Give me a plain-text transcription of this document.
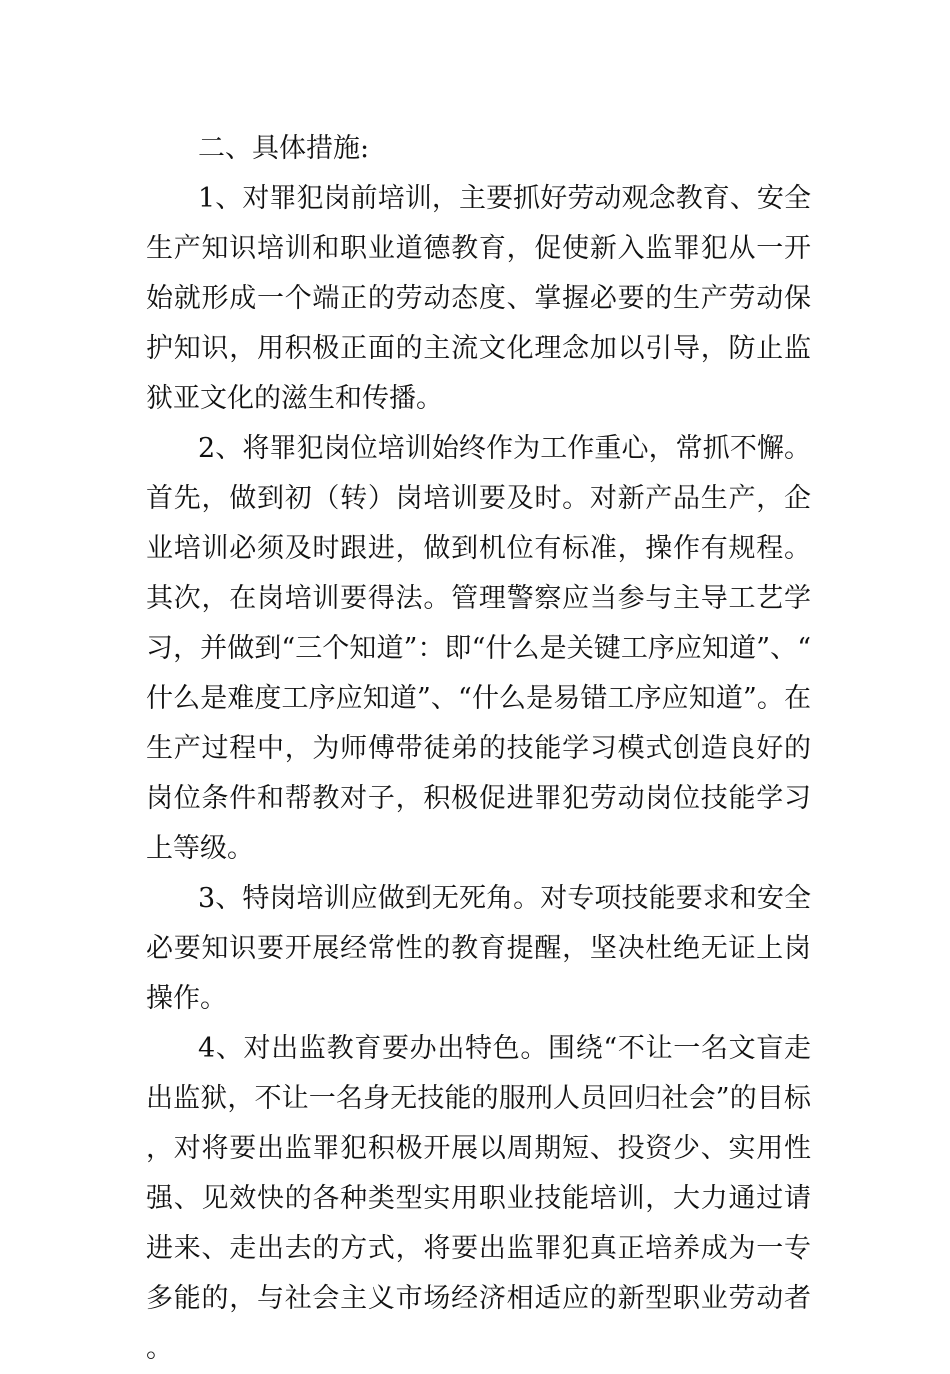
二、具体措施:

1、对罪犯岗前培训，主要抓好劳动观念教育、安全生产知识培训和职业道德教育，促使新入监罪犯从一开始就形成一个端正的劳动态度、掌握必要的生产劳动保护知识，用积极正面的主流文化理念加以引导，防止监狱亚文化的滋生和传播。

2、将罪犯岗位培训始终作为工作重心，常抓不懈。首先，做到初（转）岗培训要及时。对新产品生产，企业培训必须及时跟进，做到机位有标准，操作有规程。其次，在岗培训要得法。管理警察应当参与主导工艺学习，并做到“三个知道”：即“什么是关键工序应知道”、“什么是难度工序应知道”、“什么是易错工序应知道”。在生产过程中，为师傅带徒弟的技能学习模式创造良好的岗位条件和帮教对子，积极促进罪犯劳动岗位技能学习上等级。

3、特岗培训应做到无死角。对专项技能要求和安全必要知识要开展经常性的教育提醒，坚决杜绝无证上岗操作。

4、对出监教育要办出特色。围绕“不让一名文盲走出监狱，不让一名身无技能的服刑人员回归社会”的目标，对将要出监罪犯积极开展以周期短、投资少、实用性强、见效快的各种类型实用职业技能培训，大力通过请进来、走出去的方式，将要出监罪犯真正培养成为一专多能的，与社会主义市场经济相适应的新型职业劳动者。
